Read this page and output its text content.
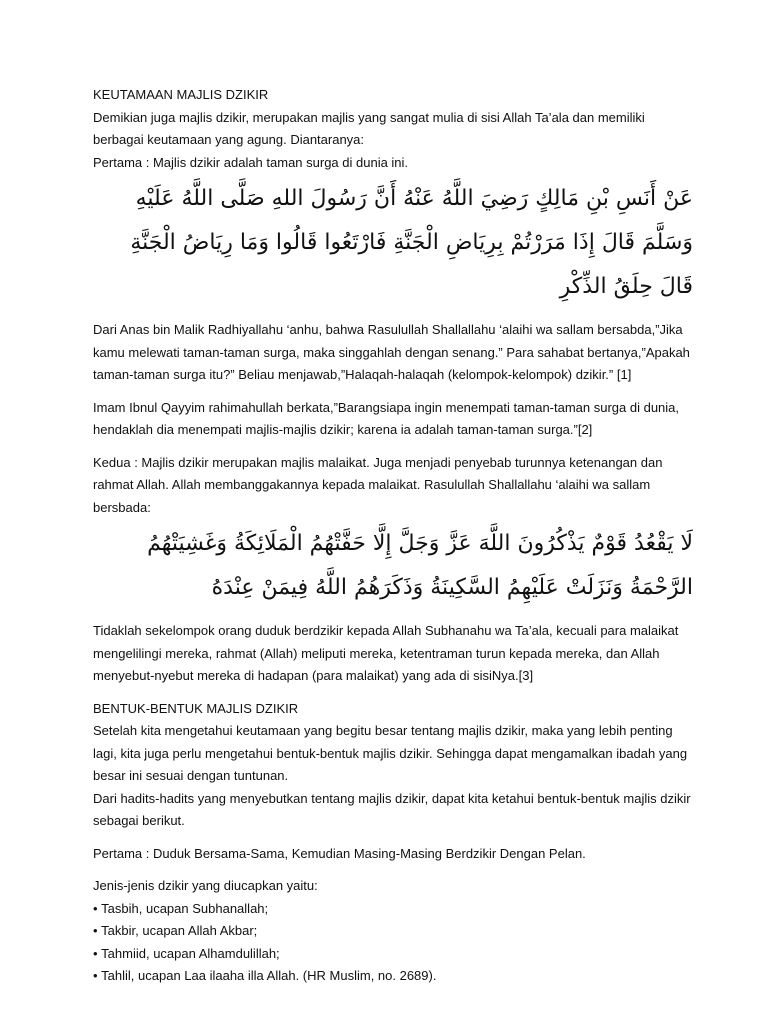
KEUTAMAAN MAJLIS DZIKIR

Demikian juga majlis dzikir, merupakan majlis yang sangat mulia di sisi Allah Ta’ala dan memiliki berbagai keutamaan yang agung. Diantaranya:

Pertama : Majlis dzikir adalah taman surga di dunia ini.

عَنْ أَنَسِ بْنِ مَالِكٍ رَضِيَ اللَّهُ عَنْهُ أَنَّ رَسُولَ اللهِ صَلَّى اللَّهُ عَلَيْهِ وَسَلَّمَ قَالَ إِذَا مَرَرْتُمْ بِرِيَاضِ الْجَنَّةِ فَارْتَعُوا قَالُوا وَمَا رِيَاضُ الْجَنَّةِ قَالَ حِلَقُ الذِّكْرِ

Dari Anas bin Malik Radhiyallahu ‘anhu, bahwa Rasulullah Shallallahu ‘alaihi wa sallam bersabda,”Jika kamu melewati taman-taman surga, maka singgahlah dengan senang.” Para sahabat bertanya,”Apakah taman-taman surga itu?” Beliau menjawab,”Halaqah-halaqah (kelompok-kelompok) dzikir.” [1]

Imam Ibnul Qayyim rahimahullah berkata,”Barangsiapa ingin menempati taman-taman surga di dunia, hendaklah dia menempati majlis-majlis dzikir; karena ia adalah taman-taman surga.”[2]

Kedua : Majlis dzikir merupakan majlis malaikat. Juga menjadi penyebab turunnya ketenangan dan rahmat Allah. Allah membanggakannya kepada malaikat. Rasulullah Shallallahu ‘alaihi wa sallam bersbada:

لَا يَقْعُدُ قَوْمٌ يَذْكُرُونَ اللَّهَ عَزَّ وَجَلَّ إِلَّا حَفَّتْهُمُ الْمَلَائِكَةُ وَغَشِيَتْهُمُ الرَّحْمَةُ وَنَزَلَتْ عَلَيْهِمُ السَّكِينَةُ وَذَكَرَهُمُ اللَّهُ فِيمَنْ عِنْدَهُ

Tidaklah sekelompok orang duduk berdzikir kepada Allah Subhanahu wa Ta’ala, kecuali para malaikat mengelilingi mereka, rahmat (Allah) meliputi mereka, ketentraman turun kepada mereka, dan Allah menyebut-nyebut mereka di hadapan (para malaikat) yang ada di sisiNya.[3]

BENTUK-BENTUK MAJLIS DZIKIR

Setelah kita mengetahui keutamaan yang begitu besar tentang majlis dzikir, maka yang lebih penting lagi, kita juga perlu mengetahui bentuk-bentuk majlis dzikir. Sehingga dapat mengamalkan ibadah yang besar ini sesuai dengan tuntunan.

Dari hadits-hadits yang menyebutkan tentang majlis dzikir, dapat kita ketahui bentuk-bentuk majlis dzikir sebagai berikut.

Pertama : Duduk Bersama-Sama, Kemudian Masing-Masing Berdzikir Dengan Pelan.

Jenis-jenis dzikir yang diucapkan yaitu:

• Tasbih, ucapan Subhanallah;
• Takbir, ucapan Allah Akbar;
• Tahmiid, ucapan Alhamdulillah;
• Tahlil, ucapan Laa ilaaha illa Allah. (HR Muslim, no. 2689).
